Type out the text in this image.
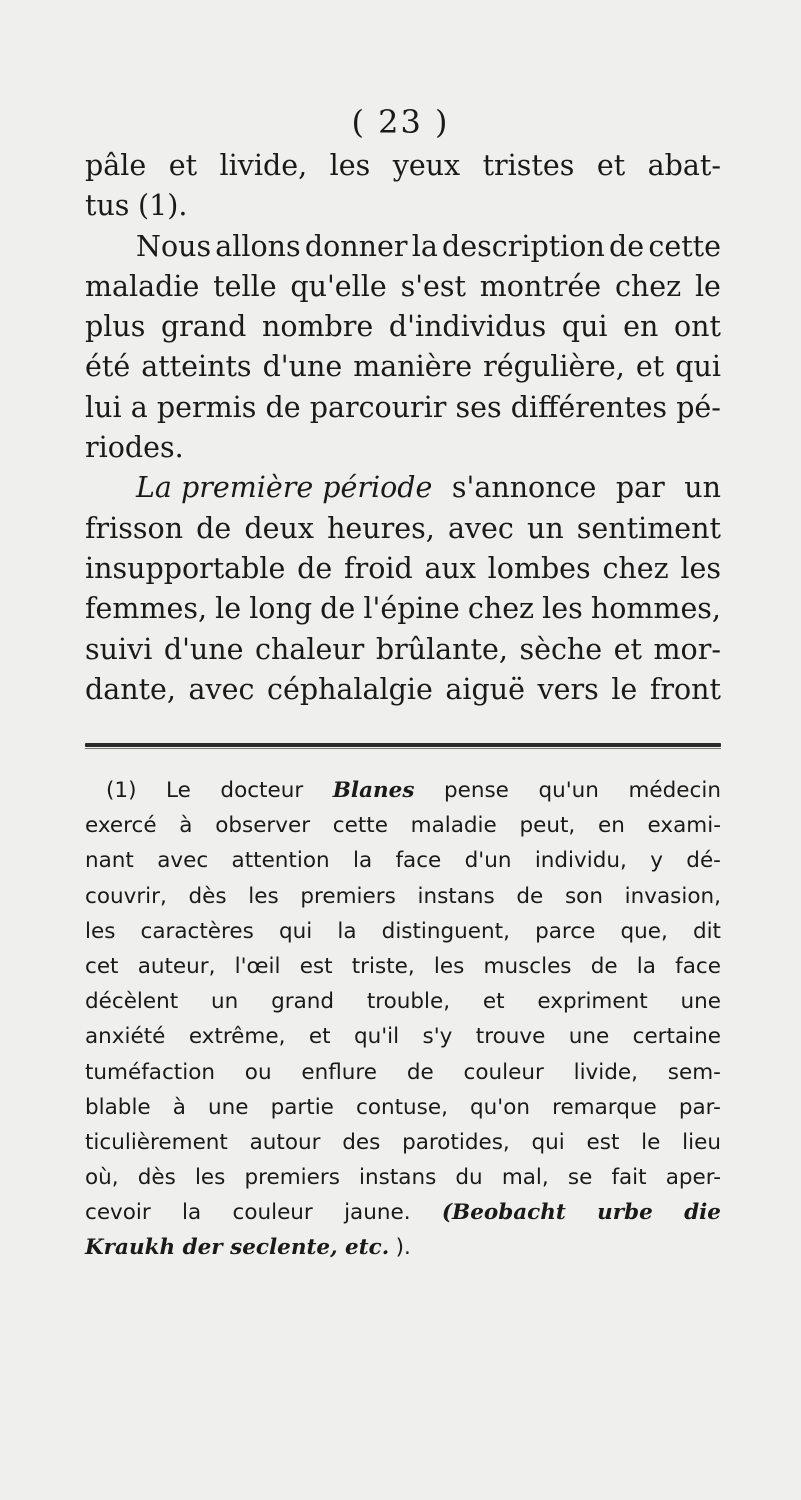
( 23 )
pâle et livide, les yeux tristes et abat-
tus (1).
Nous allons donner la description de cette
maladie telle qu'elle s'est montrée chez le
plus grand nombre d'individus qui en ont
été atteints d'une manière régulière, et qui
lui a permis de parcourir ses différentes pé-
riodes.
La première période s'annonce par un
frisson de deux heures, avec un sentiment
insupportable de froid aux lombes chez les
femmes, le long de l'épine chez les hommes,
suivi d'une chaleur brûlante, sèche et mor-
dante, avec céphalalgie aiguë vers le front
(1) Le docteur Blanes pense qu'un médecin
exercé à observer cette maladie peut, en exami-
nant avec attention la face d'un individu, y dé-
couvrir, dès les premiers instans de son invasion,
les caractères qui la distinguent, parce que, dit
cet auteur, l'œil est triste, les muscles de la face
décèlent un grand trouble, et expriment une
anxiété extrême, et qu'il s'y trouve une certaine
tuméfaction ou enflure de couleur livide, sem-
blable à une partie contuse, qu'on remarque par-
ticulièrement autour des parotides, qui est le lieu
où, dès les premiers instans du mal, se fait aper-
cevoir la couleur jaune. (Beobacht urbe die
Kraukh der seclente, etc. ).
